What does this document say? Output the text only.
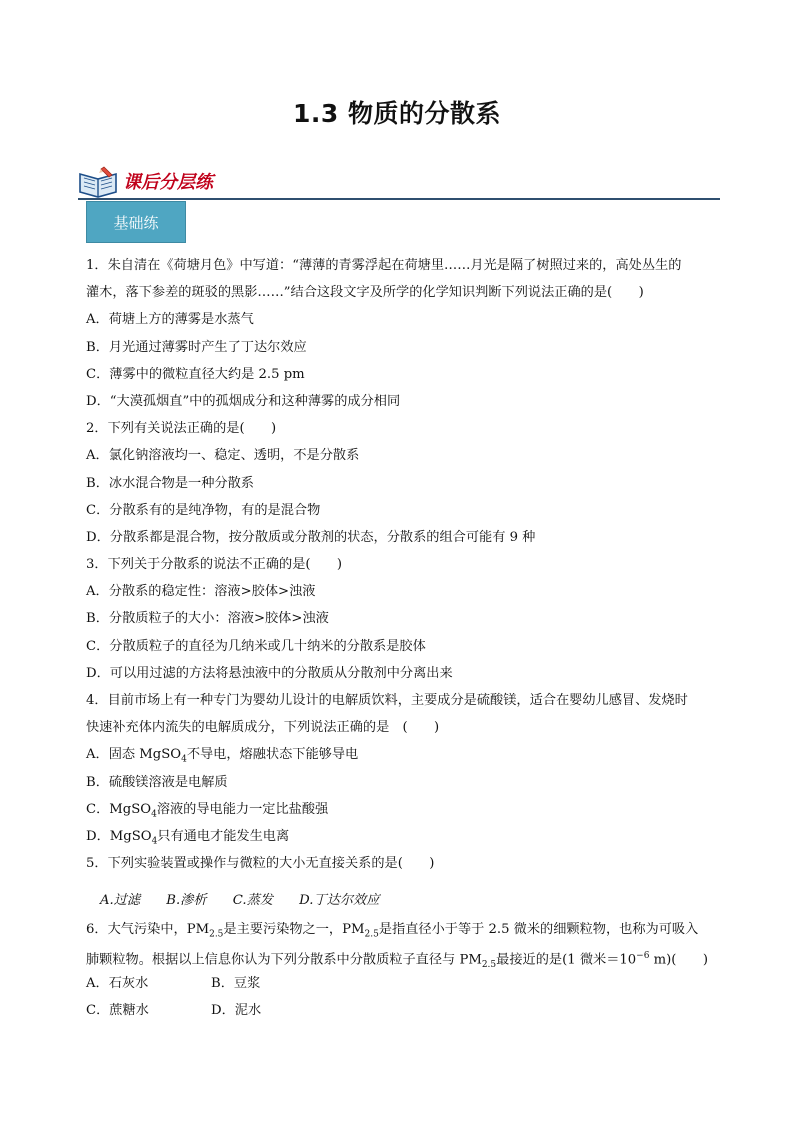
1.3 物质的分散系
课后分层练
基础练
1．朱自清在《荷塘月色》中写道：“薄薄的青雾浮起在荷塘里……月光是隔了树照过来的，高处丛生的
灌木，落下参差的斑驳的黑影……”结合这段文字及所学的化学知识判断下列说法正确的是(　　)
A．荷塘上方的薄雾是水蒸气
B．月光通过薄雾时产生了丁达尔效应
C．薄雾中的微粒直径大约是 2.5 pm
D．“大漠孤烟直”中的孤烟成分和这种薄雾的成分相同
2．下列有关说法正确的是(　　)
A．氯化钠溶液均一、稳定、透明，不是分散系
B．冰水混合物是一种分散系
C．分散系有的是纯净物，有的是混合物
D．分散系都是混合物，按分散质或分散剂的状态，分散系的组合可能有 9 种
3．下列关于分散系的说法不正确的是(　　)
A．分散系的稳定性：溶液>胶体>浊液
B．分散质粒子的大小：溶液>胶体>浊液
C．分散质粒子的直径为几纳米或几十纳米的分散系是胶体
D．可以用过滤的方法将悬浊液中的分散质从分散剂中分离出来
4．目前市场上有一种专门为婴幼儿设计的电解质饮料，主要成分是硫酸镁，适合在婴幼儿感冒、发烧时
快速补充体内流失的电解质成分，下列说法正确的是　(　　)
A．固态 MgSO$_4$不导电，熔融状态下能够导电
B．硫酸镁溶液是电解质
C．MgSO$_4$溶液的导电能力一定比盐酸强
D．MgSO$_4$只有通电才能发生电离
5．下列实验装置或操作与微粒的大小无直接关系的是(　　)
A.过滤 B.渗析 C.蒸发 D.丁达尔效应
6．大气污染中，$PM_{2.5}$是主要污染物之一，$PM_{2.5}$是指直径小于等于 2.5 微米的细颗粒物，也称为可吸入
肺颗粒物。根据以上信息你认为下列分散系中分散质粒子直径与 $PM_{2.5}$最接近的是(1 微米$=10^{-6}$ m)(　　)
A．石灰水	B．豆浆
C．蔗糖水	D．泥水
